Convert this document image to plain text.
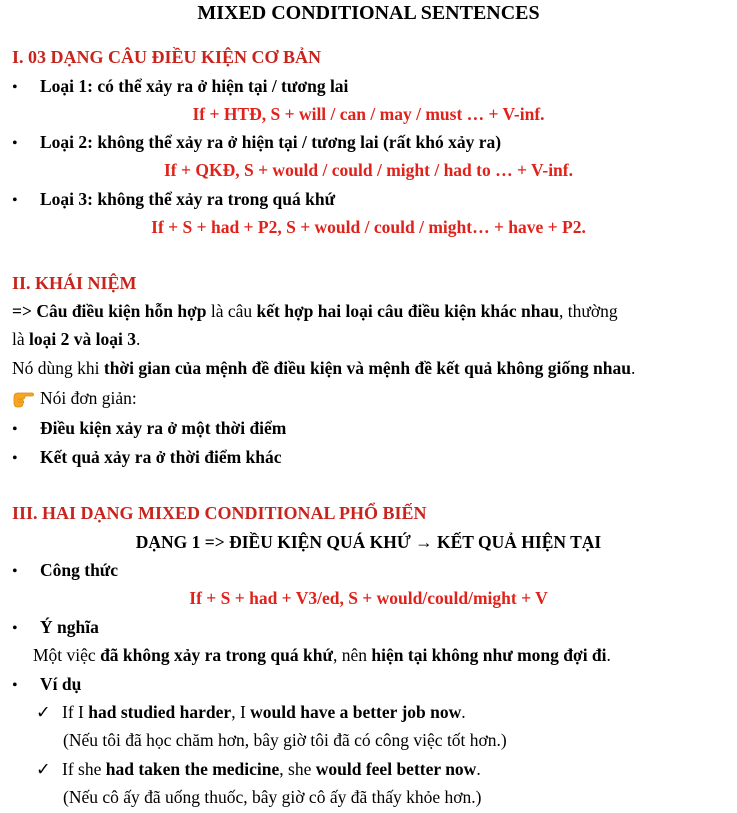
MIXED CONDITIONAL SENTENCES
I. 03 DẠNG CÂU ĐIỀU KIỆN CƠ BẢN
• Loại 1: có thể xảy ra ở hiện tại / tương lai
If + HTĐ, S + will / can / may / must … + V-inf.
• Loại 2: không thể xảy ra ở hiện tại / tương lai (rất khó xảy ra)
If + QKĐ, S + would / could / might / had to … + V-inf.
• Loại 3: không thể xảy ra trong quá khứ
If + S + had + P2, S + would / could / might… + have + P2.
II. KHÁI NIỆM
=> Câu điều kiện hỗn hợp là câu kết hợp hai loại câu điều kiện khác nhau, thường
là loại 2 và loại 3.
Nó dùng khi thời gian của mệnh đề điều kiện và mệnh đề kết quả không giống nhau.
Nói đơn giản:
• Điều kiện xảy ra ở một thời điểm
• Kết quả xảy ra ở thời điểm khác
III. HAI DẠNG MIXED CONDITIONAL PHỔ BIẾN
DẠNG 1 => ĐIỀU KIỆN QUÁ KHỨ → KẾT QUẢ HIỆN TẠI
• Công thức
If + S + had + V3/ed, S + would/could/might + V
• Ý nghĩa
Một việc đã không xảy ra trong quá khứ, nên hiện tại không như mong đợi đi.
• Ví dụ
✓ If I had studied harder, I would have a better job now.
(Nếu tôi đã học chăm hơn, bây giờ tôi đã có công việc tốt hơn.)
✓ If she had taken the medicine, she would feel better now.
(Nếu cô ấy đã uống thuốc, bây giờ cô ấy đã thấy khỏe hơn.)
